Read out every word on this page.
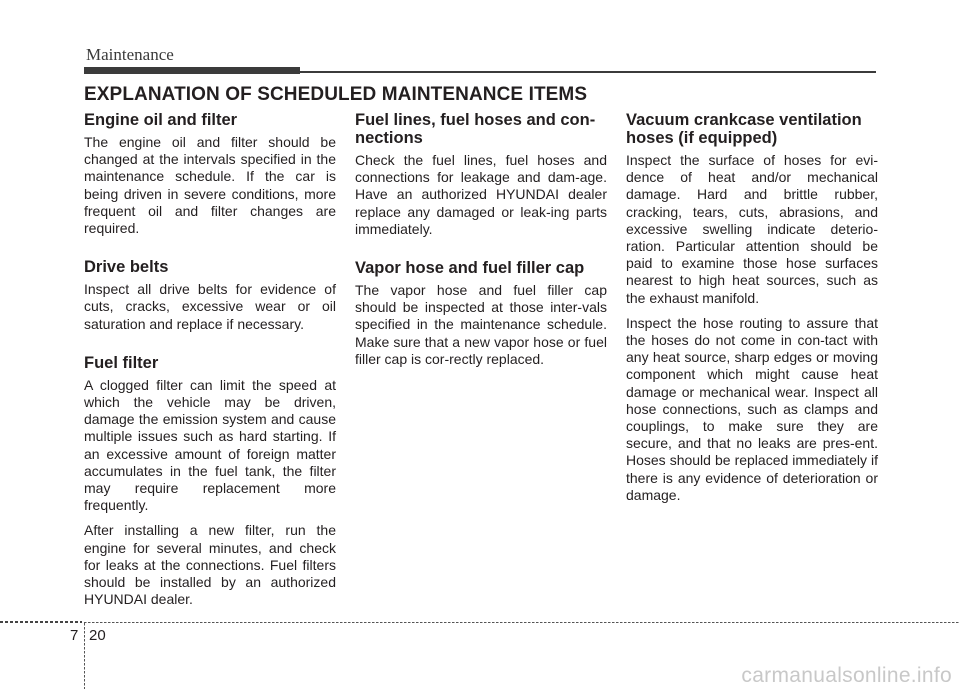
Maintenance
EXPLANATION OF SCHEDULED MAINTENANCE ITEMS
Engine oil and filter

The engine oil and filter should be changed at the intervals specified in the maintenance schedule. If the car is being driven in severe conditions, more frequent oil and filter changes are required.

Drive belts

Inspect all drive belts for evidence of cuts, cracks, excessive wear or oil saturation and replace if necessary.

Fuel filter

A clogged filter can limit the speed at which the vehicle may be driven, damage the emission system and cause multiple issues such as hard starting. If an excessive amount of foreign matter accumulates in the fuel tank, the filter may require replacement more frequently.

After installing a new filter, run the engine for several minutes, and check for leaks at the connections. Fuel filters should be installed by an authorized HYUNDAI dealer.

Fuel lines, fuel hoses and con-nections

Check the fuel lines, fuel hoses and connections for leakage and dam-age. Have an authorized HYUNDAI dealer replace any damaged or leak-ing parts immediately.

Vapor hose and fuel filler cap

The vapor hose and fuel filler cap should be inspected at those inter-vals specified in the maintenance schedule. Make sure that a new vapor hose or fuel filler cap is cor-rectly replaced.

Vacuum crankcase ventilation hoses (if equipped)

Inspect the surface of hoses for evi-dence of heat and/or mechanical damage. Hard and brittle rubber, cracking, tears, cuts, abrasions, and excessive swelling indicate deterio-ration. Particular attention should be paid to examine those hose surfaces nearest to high heat sources, such as the exhaust manifold.

Inspect the hose routing to assure that the hoses do not come in con-tact with any heat source, sharp edges or moving component which might cause heat damage or mechanical wear. Inspect all hose connections, such as clamps and couplings, to make sure they are secure, and that no leaks are pres-ent. Hoses should be replaced immediately if there is any evidence of deterioration or damage.

7 20
carmanualsonline.info
